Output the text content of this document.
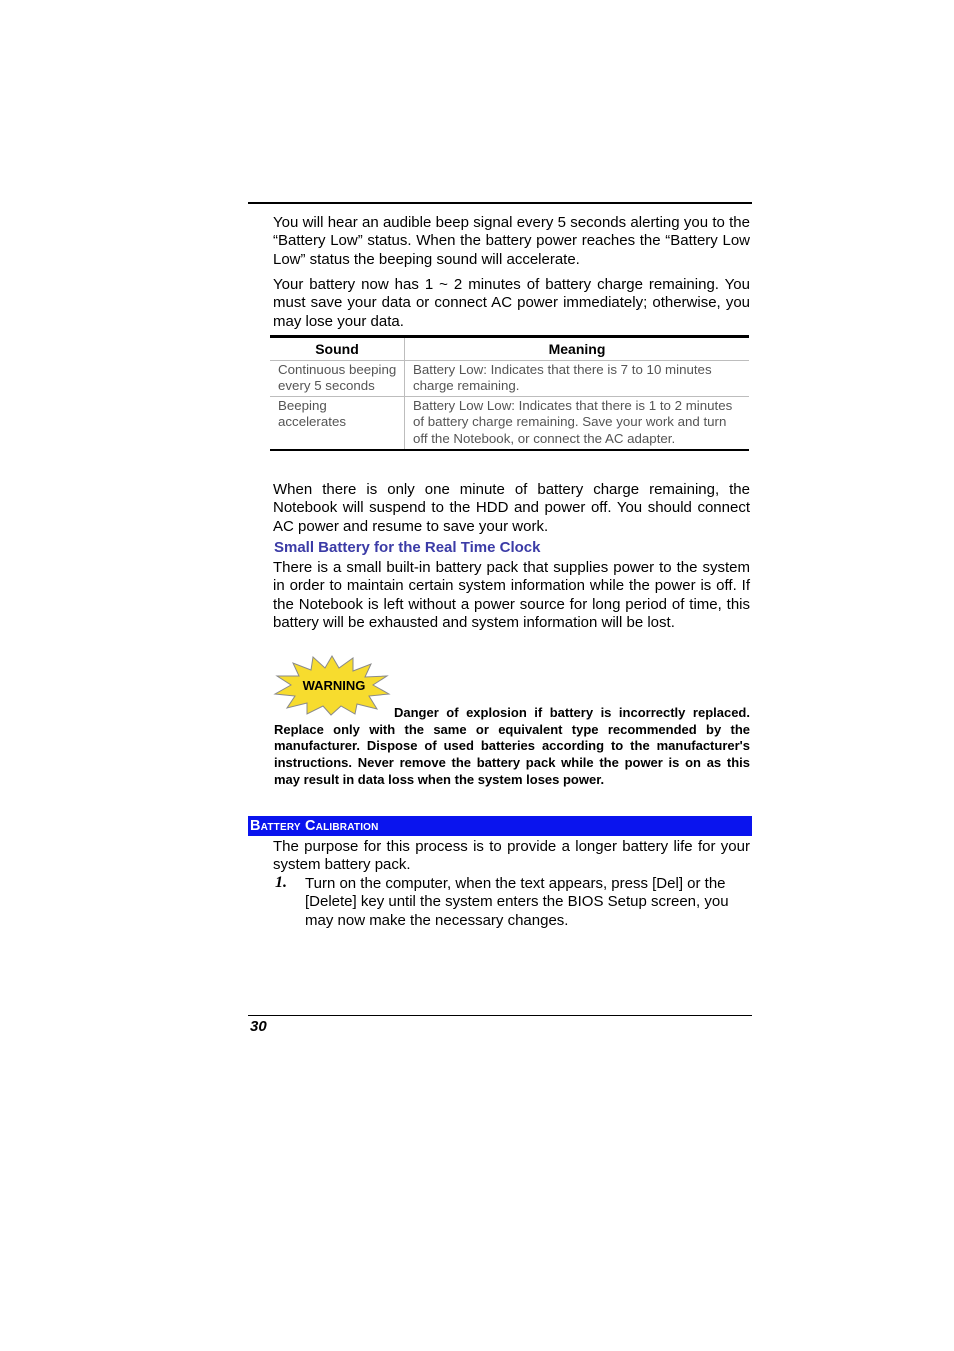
You will hear an audible beep signal every 5 seconds alerting you to the “Battery Low” status. When the battery power reaches the “Battery Low Low” status the beeping sound will accelerate.

Your battery now has 1 ~ 2 minutes of battery charge remaining. You must save your data or connect AC power immediately; otherwise, you may lose your data.

Sound	Meaning
Continuous beeping every 5 seconds	Battery Low: Indicates that there is 7 to 10 minutes charge remaining.
Beeping accelerates	Battery Low Low: Indicates that there is 1 to 2 minutes of battery charge remaining. Save your work and turn off the Notebook, or connect the AC adapter.

When there is only one minute of battery charge remaining, the Notebook will suspend to the HDD and power off. You should connect AC power and resume to save your work.

Small Battery for the Real Time Clock

There is a small built-in battery pack that supplies power to the system in order to maintain certain system information while the power is off. If the Notebook is left without a power source for long period of time, this battery will be exhausted and system information will be lost.

WARNING

Danger of explosion if battery is incorrectly replaced. Replace only with the same or equivalent type recommended by the manufacturer. Dispose of used batteries according to the manufacturer's instructions. Never remove the battery pack while the power is on as this may result in data loss when the system loses power.

Battery Calibration

The purpose for this process is to provide a longer battery life for your system battery pack.

1. Turn on the computer, when the text appears, press [Del] or the [Delete] key until the system enters the BIOS Setup screen, you may now make the necessary changes.

30
